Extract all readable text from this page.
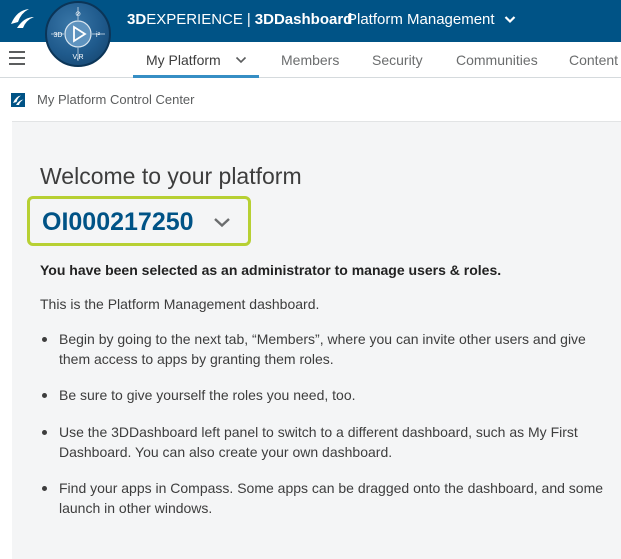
3DEXPERIENCE | 3DDashboard
Platform Management
⊘
3D	i²
V,R	My Platform	Members Security Communities Content
My Platform Control Center
Welcome to your platform
OI000217250
You have been selected as an administrator to manage users & roles.
This is the Platform Management dashboard.
Begin by going to the next tab, “Members”, where you can invite other users and give them access to apps by granting them roles.
Be sure to give yourself the roles you need, too.
Use the 3DDashboard left panel to switch to a different dashboard, such as My First Dashboard. You can also create your own dashboard.
Find your apps in Compass. Some apps can be dragged onto the dashboard, and some launch in other windows.
